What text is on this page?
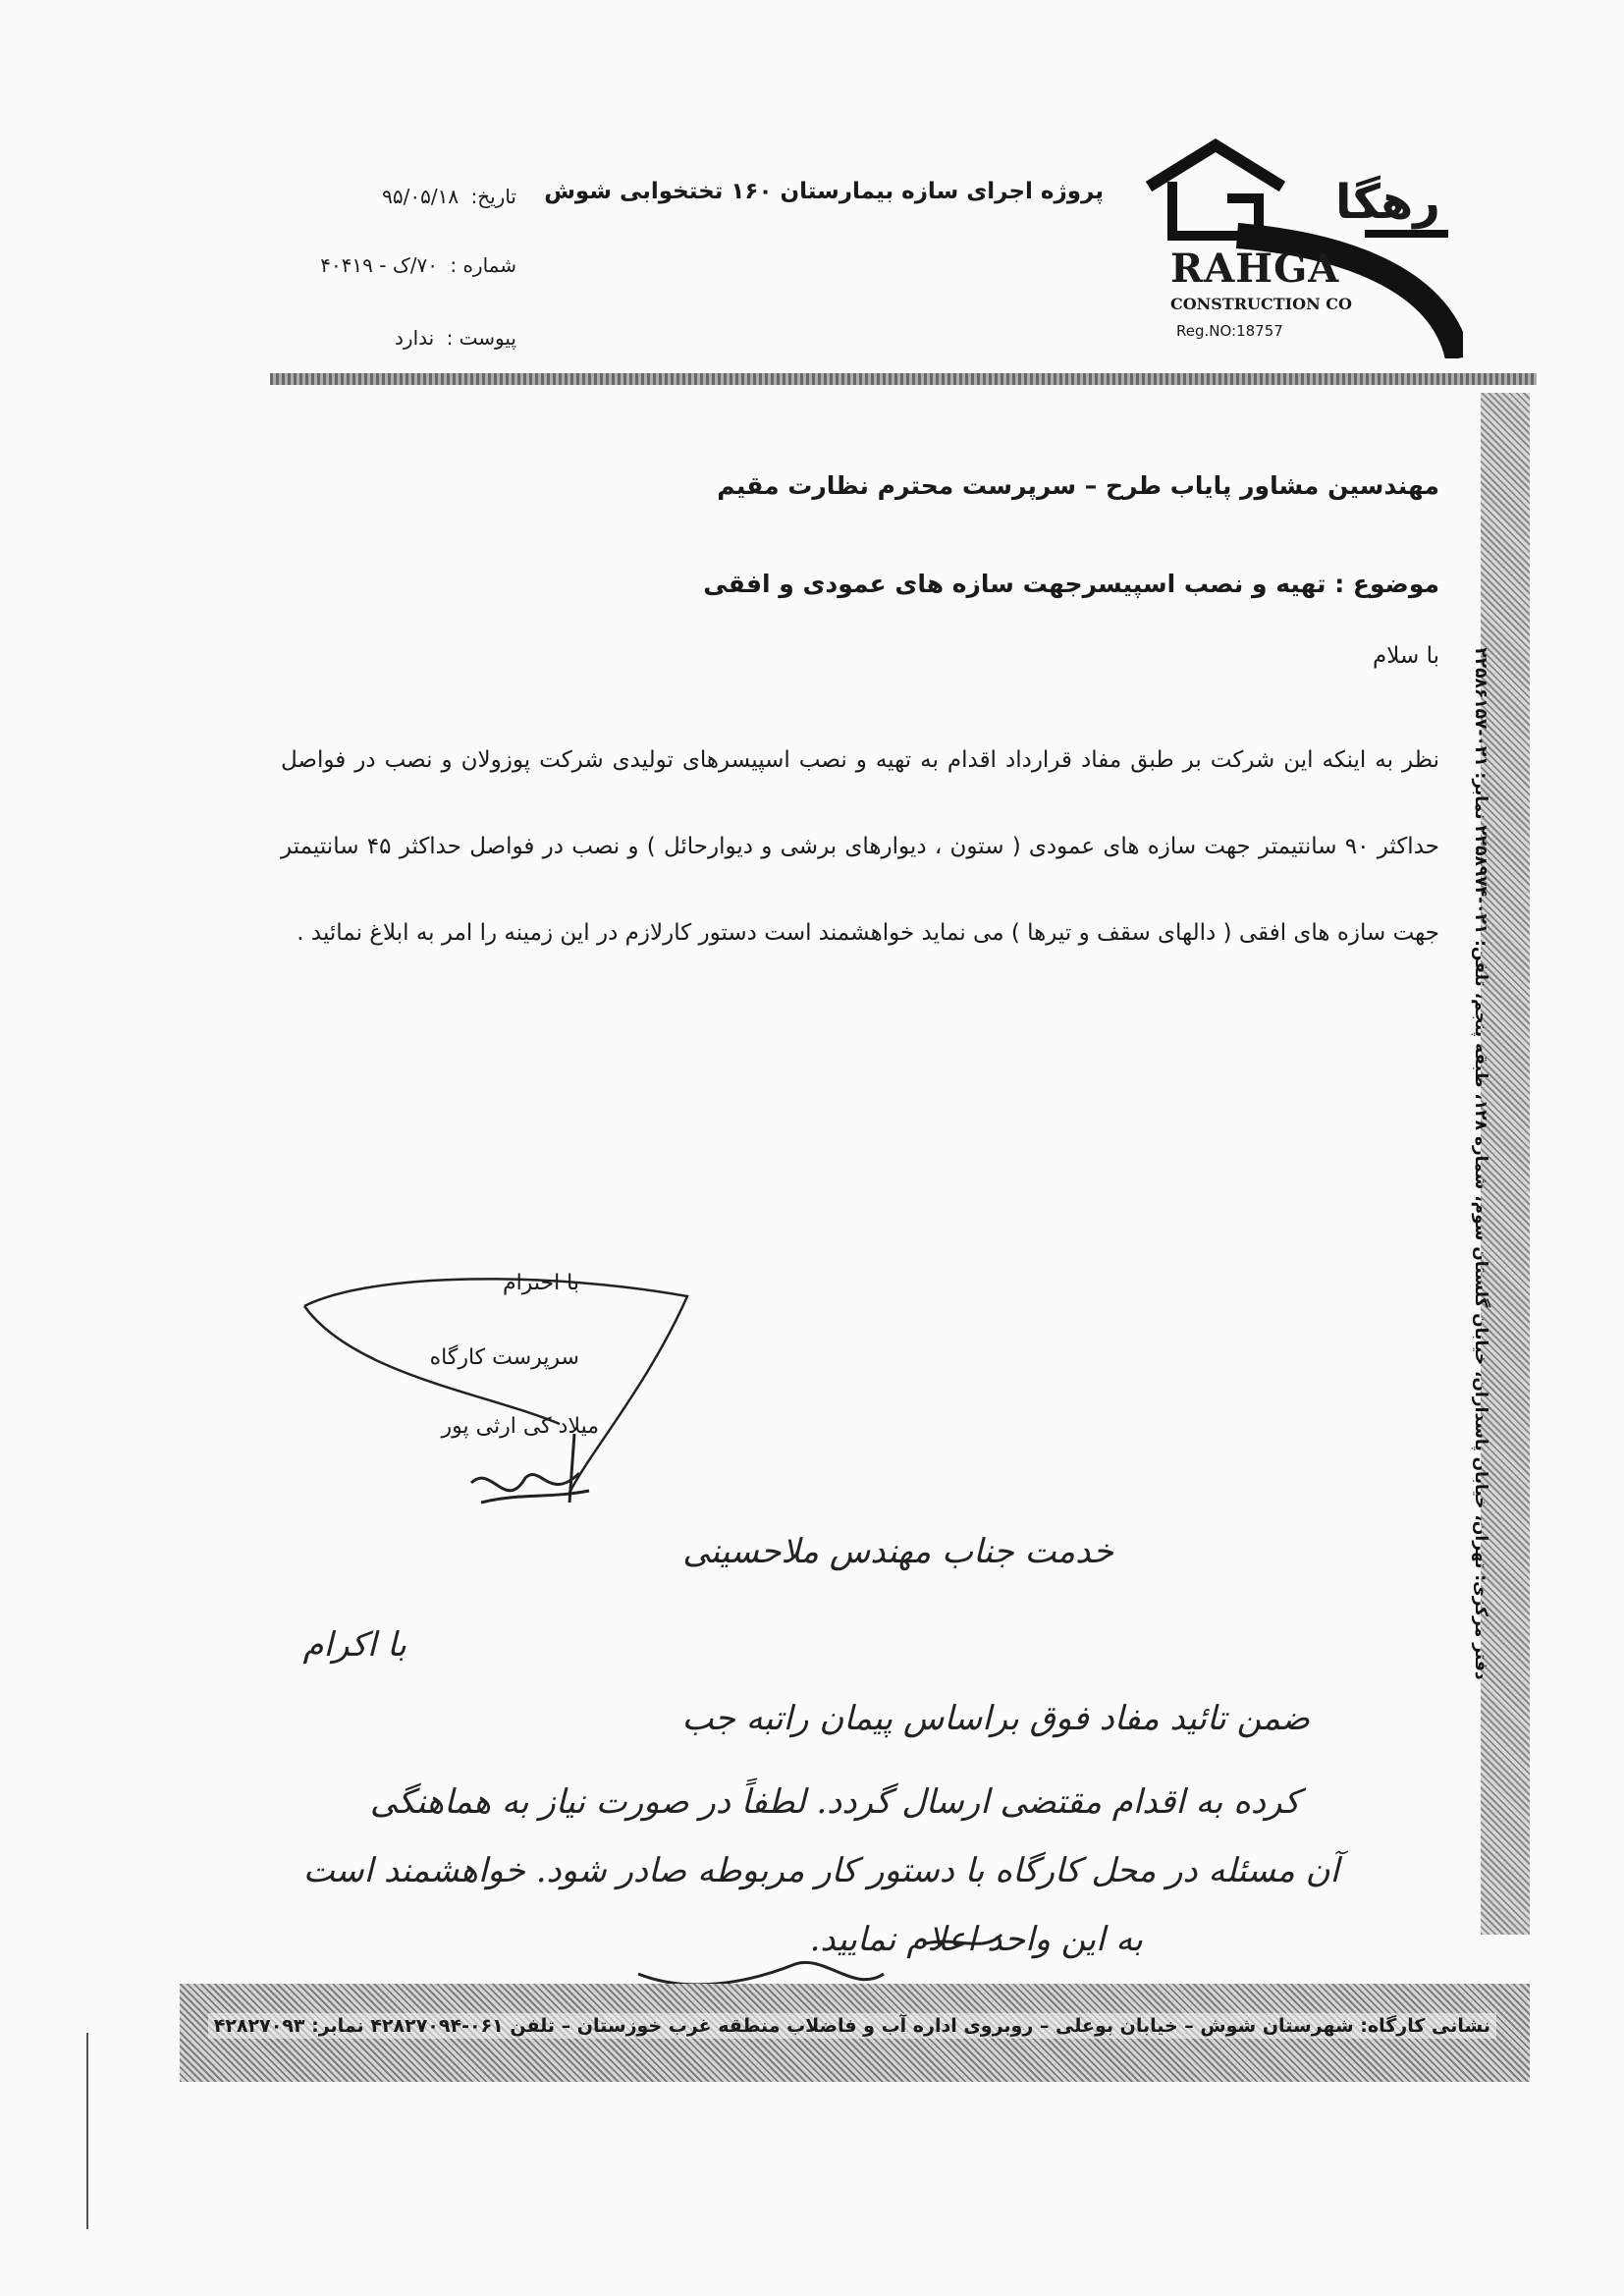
رهگا
RAHGA
CONSTRUCTION CO
Reg.NO:18757
پروژه اجرای سازه بیمارستان ۱۶۰ تختخوابی شوش
تاریخ: ۹۵/۰۵/۱۸
شماره : ۷۰/ک - ۴۰۴۱۹
پیوست : ندارد
دفتر مرکزی: تهران، خیابان پاسداران، خیابان گلستان سوم، شماره ۱۲۸، طبقه پنجم، تلفن: ۰۲۱-۲۲۵۸۹۷۴ نمابر: ۰۲۱-۲۲۵۸۶۱۵۷
مهندسین مشاور پایاب طرح – سرپرست محترم نظارت مقیم
موضوع : تهیه و نصب اسپیسرجهت سازه های عمودی و افقی
با سلام
نظر به اینکه این شرکت بر طبق مفاد قرارداد اقدام به تهیه و نصب اسپیسرهای تولیدی شرکت پوزولان و نصب در فواصل حداکثر ۹۰ سانتیمتر جهت سازه های عمودی ( ستون ، دیوارهای برشی و دیوارحائل ) و نصب در فواصل حداکثر ۴۵ سانتیمتر جهت سازه های افقی ( دالهای سقف و تیرها ) می نماید خواهشمند است دستور کارلازم در این زمینه را امر به ابلاغ نمائید .
با احترام
سرپرست کارگاه
میلاد کی ارثی پور
خدمت جناب مهندس ملاحسینی
با اکرام
ضمن تائید مفاد فوق براساس پیمان راتبه جب
کرده به اقدام مقتضی ارسال گردد. لطفاً در صورت نیاز به هماهنگی
آن مسئله در محل کارگاه با دستور کار مربوطه صادر شود. خواهشمند است
به این واحد اعلام نمایید.
نشانی کارگاه: شهرستان شوش – خیابان بوعلی – روبروی اداره آب و فاضلاب منطقه غرب خوزستان – تلفن ۰۶۱-۴۲۸۲۷۰۹۴ نمابر: ۴۲۸۲۷۰۹۳
